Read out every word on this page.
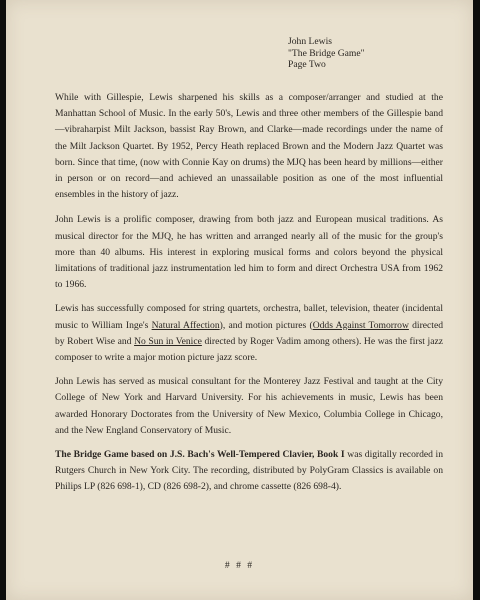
John Lewis
"The Bridge Game"
Page Two

While with Gillespie, Lewis sharpened his skills as a composer/arranger and studied at the Manhattan School of Music. In the early 50's, Lewis and three other members of the Gillespie band—vibraharpist Milt Jackson, bassist Ray Brown, and Clarke—made recordings under the name of the Milt Jackson Quartet. By 1952, Percy Heath replaced Brown and the Modern Jazz Quartet was born. Since that time, (now with Connie Kay on drums) the MJQ has been heard by millions—either in person or on record—and achieved an unassailable position as one of the most influential ensembles in the history of jazz.

John Lewis is a prolific composer, drawing from both jazz and European musical traditions. As musical director for the MJQ, he has written and arranged nearly all of the music for the group's more than 40 albums. His interest in exploring musical forms and colors beyond the physical limitations of traditional jazz instrumentation led him to form and direct Orchestra USA from 1962 to 1966.

Lewis has successfully composed for string quartets, orchestra, ballet, television, theater (incidental music to William Inge's Natural Affection), and motion pictures (Odds Against Tomorrow directed by Robert Wise and No Sun in Venice directed by Roger Vadim among others). He was the first jazz composer to write a major motion picture jazz score.

John Lewis has served as musical consultant for the Monterey Jazz Festival and taught at the City College of New York and Harvard University. For his achievements in music, Lewis has been awarded Honorary Doctorates from the University of New Mexico, Columbia College in Chicago, and the New England Conservatory of Music.

The Bridge Game based on J.S. Bach's Well-Tempered Clavier, Book I was digitally recorded in Rutgers Church in New York City. The recording, distributed by PolyGram Classics is available on Philips LP (826 698-1), CD (826 698-2), and chrome cassette (826 698-4).

# # #
